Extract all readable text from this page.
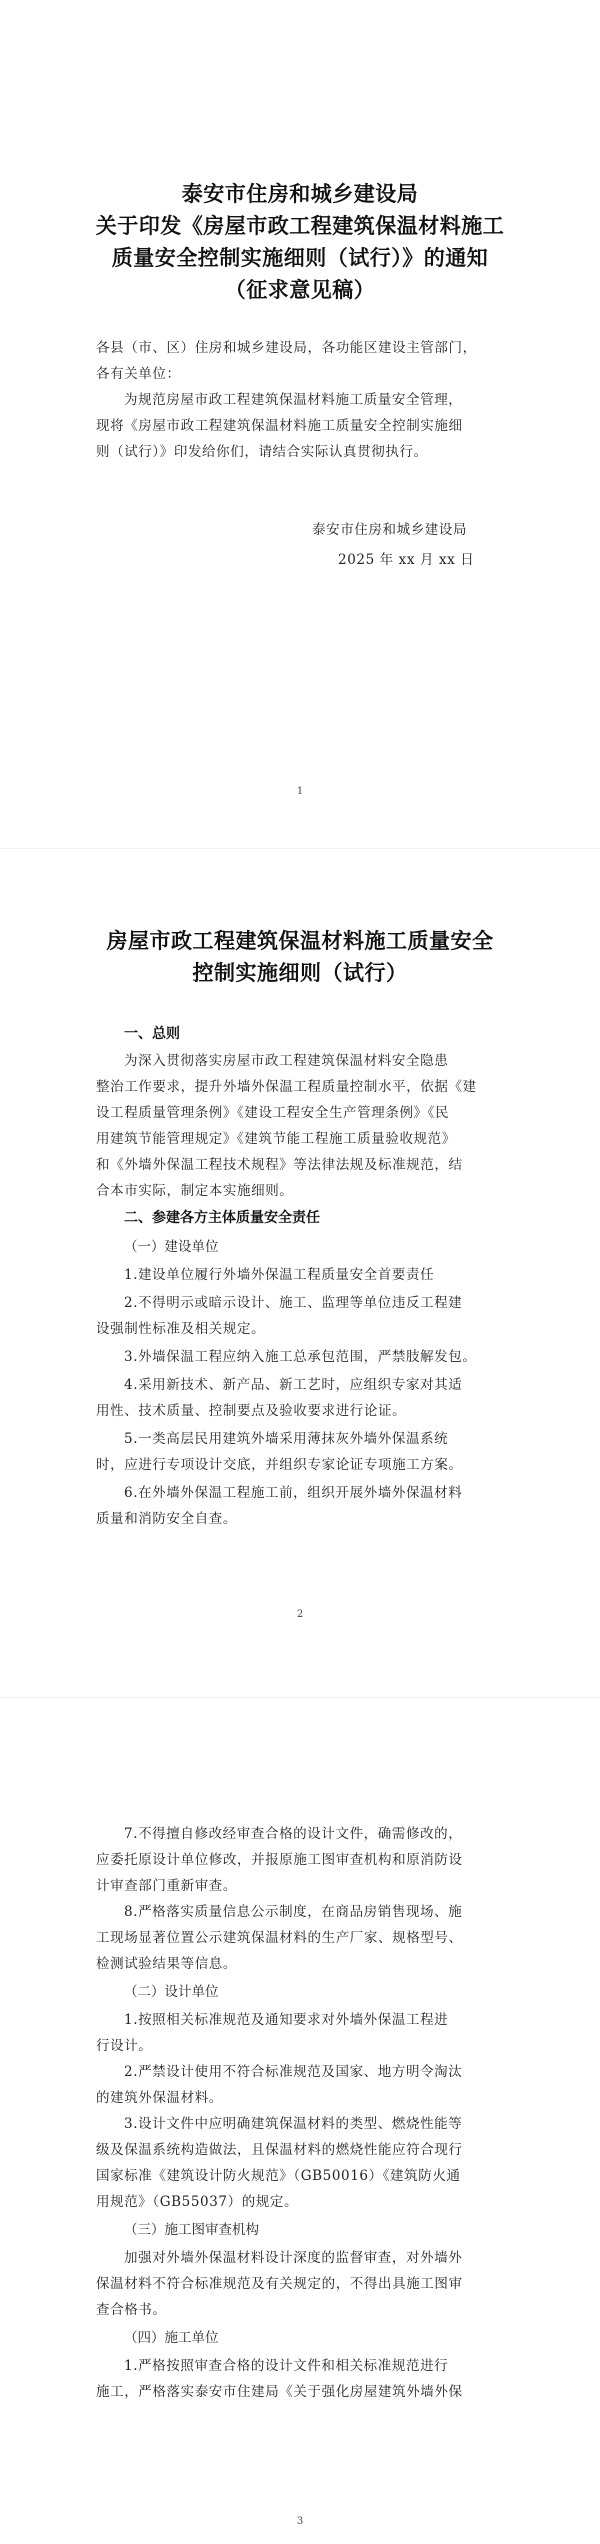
泰安市住房和城乡建设局
关于印发《房屋市政工程建筑保温材料施工
质量安全控制实施细则（试行）》的通知
（征求意见稿）
各县（市、区）住房和城乡建设局，各功能区建设主管部门，
各有关单位：
为规范房屋市政工程建筑保温材料施工质量安全管理，
现将《房屋市政工程建筑保温材料施工质量安全控制实施细
则（试行）》印发给你们，请结合实际认真贯彻执行。
泰安市住房和城乡建设局
2025 年 xx 月 xx 日
1
房屋市政工程建筑保温材料施工质量安全
控制实施细则（试行）
一、总则
为深入贯彻落实房屋市政工程建筑保温材料安全隐患
整治工作要求，提升外墙外保温工程质量控制水平，依据《建
设工程质量管理条例》《建设工程安全生产管理条例》《民
用建筑节能管理规定》《建筑节能工程施工质量验收规范》
和《外墙外保温工程技术规程》等法律法规及标准规范，结
合本市实际，制定本实施细则。
二、参建各方主体质量安全责任
（一）建设单位
1.建设单位履行外墙外保温工程质量安全首要责任
2.不得明示或暗示设计、施工、监理等单位违反工程建
设强制性标准及相关规定。
3.外墙保温工程应纳入施工总承包范围，严禁肢解发包。
4.采用新技术、新产品、新工艺时，应组织专家对其适
用性、技术质量、控制要点及验收要求进行论证。
5.一类高层民用建筑外墙采用薄抹灰外墙外保温系统
时，应进行专项设计交底，并组织专家论证专项施工方案。
6.在外墙外保温工程施工前，组织开展外墙外保温材料
质量和消防安全自查。
2
7.不得擅自修改经审查合格的设计文件，确需修改的，
应委托原设计单位修改，并报原施工图审查机构和原消防设
计审查部门重新审查。
8.严格落实质量信息公示制度，在商品房销售现场、施
工现场显著位置公示建筑保温材料的生产厂家、规格型号、
检测试验结果等信息。
（二）设计单位
1.按照相关标准规范及通知要求对外墙外保温工程进
行设计。
2.严禁设计使用不符合标准规范及国家、地方明令淘汰
的建筑外保温材料。
3.设计文件中应明确建筑保温材料的类型、燃烧性能等
级及保温系统构造做法，且保温材料的燃烧性能应符合现行
国家标准《建筑设计防火规范》（GB50016）《建筑防火通
用规范》（GB55037）的规定。
（三）施工图审查机构
加强对外墙外保温材料设计深度的监督审查，对外墙外
保温材料不符合标准规范及有关规定的，不得出具施工图审
查合格书。
（四）施工单位
1.严格按照审查合格的设计文件和相关标准规范进行
施工，严格落实泰安市住建局《关于强化房屋建筑外墙外保
3
